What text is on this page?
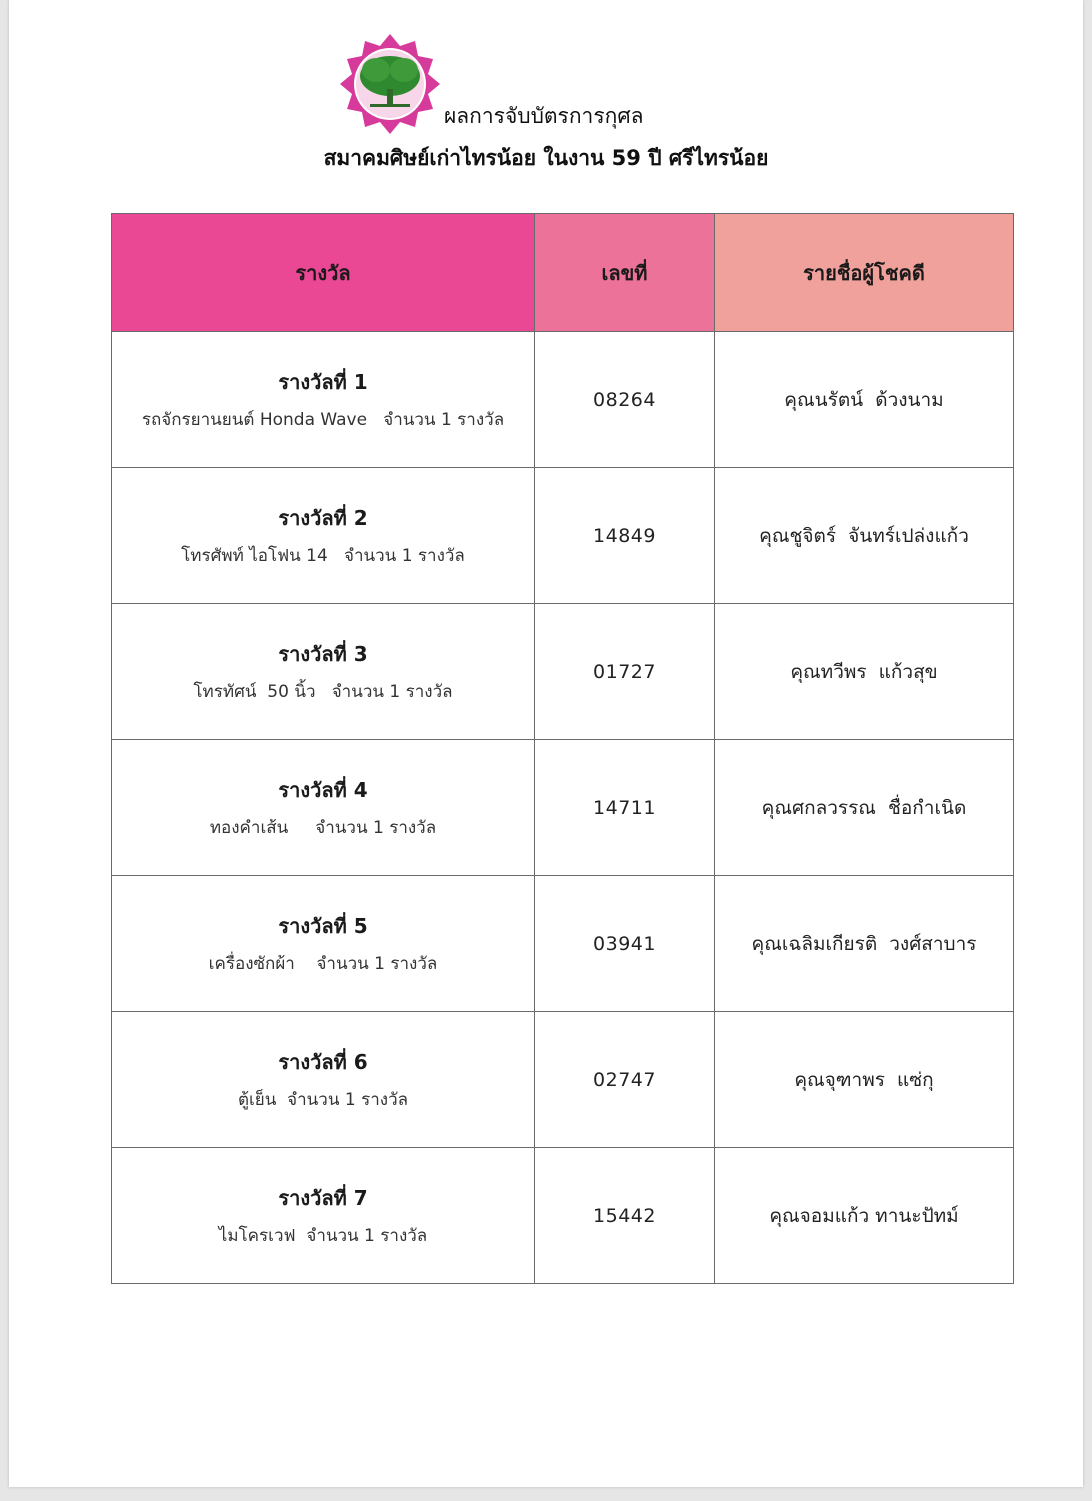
ผลการจับบัตรการกุศล
สมาคมศิษย์เก่าไทรน้อย ในงาน 59 ปี ศรีไทรน้อย
รางวัล	เลขที่	รายชื่อผู้โชคดี

รางวัลที่ 1
รถจักรยานยนต์ Honda Wave   จำนวน 1 รางวัล	08264	คุณนรัตน์  ด้วงนาม

รางวัลที่ 2
โทรศัพท์ ไอโฟน 14   จำนวน 1 รางวัล	14849	คุณชูจิตร์  จันทร์เปล่งแก้ว

รางวัลที่ 3
โทรทัศน์  50 นิ้ว   จำนวน 1 รางวัล	01727	คุณทวีพร  แก้วสุข

รางวัลที่ 4
ทองคำเส้น     จำนวน 1 รางวัล	14711	คุณศกลวรรณ  ชื่อกำเนิด

รางวัลที่ 5
เครื่องซักผ้า    จำนวน 1 รางวัล	03941	คุณเฉลิมเกียรติ  วงศ์สาบาร

รางวัลที่ 6
ตู้เย็น  จำนวน 1 รางวัล	02747	คุณจุฑาพร  แซ่กุ

รางวัลที่ 7
ไมโครเวฟ  จำนวน 1 รางวัล	15442	คุณจอมแก้ว ทานะปัทม์
